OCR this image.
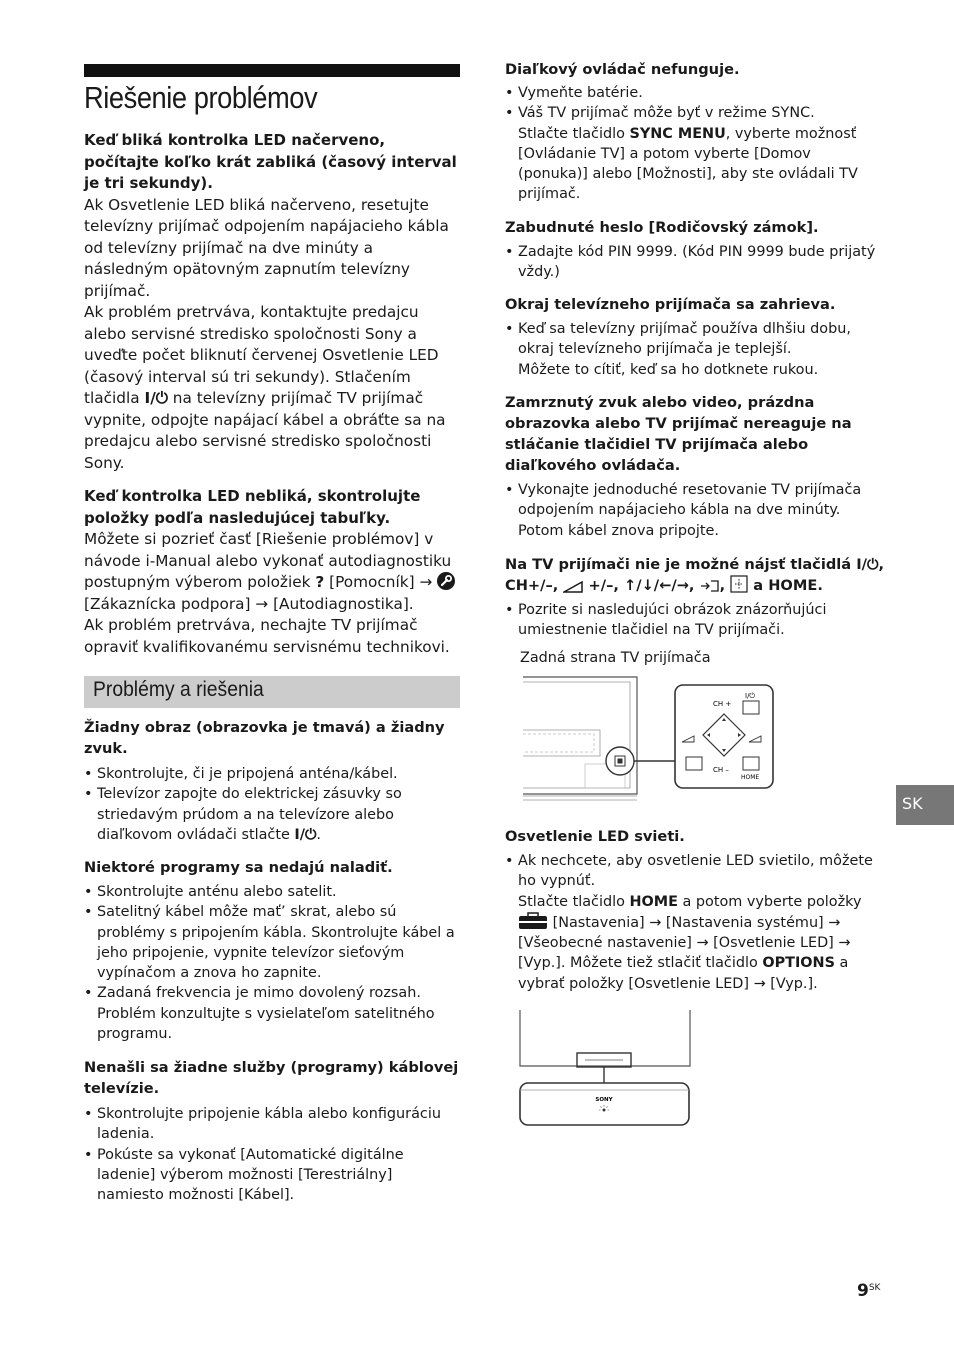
Riešenie problémov

Keď bliká kontrolka LED načerveno, počítajte koľko krát zabliká (časový interval je tri sekundy).

Ak Osvetlenie LED bliká načerveno, resetujte televízny prijímač odpojením napájacieho kábla od televízny prijímač na dve minúty a následným opätovným zapnutím televízny prijímač.

Ak problém pretrváva, kontaktujte predajcu alebo servisné stredisko spoločnosti Sony a uveďte počet bliknutí červenej Osvetlenie LED (časový interval sú tri sekundy). Stlačením tlačidla I/⏻ na televízny prijímač TV prijímač vypnite, odpojte napájací kábel a obráťte sa na predajcu alebo servisné stredisko spoločnosti Sony.

Keď kontrolka LED nebliká, skontrolujte položky podľa nasledujúcej tabuľky.

Môžete si pozrieť časť [Riešenie problémov] v návode i-Manual alebo vykonať autodiagnostiku postupným výberom položiek ? [Pomocník] →  [Zákaznícka podpora] → [Autodiagnostika].

Ak problém pretrváva, nechajte TV prijímač opraviť kvalifikovanému servisnému technikovi.

Problémy a riešenia

Žiadny obraz (obrazovka je tmavá) a žiadny zvuk.

• Skontrolujte, či je pripojená anténa/kábel.
• Televízor zapojte do elektrickej zásuvky so striedavým prúdom a na televízore alebo diaľkovom ovládači stlačte I/⏻.

Niektoré programy sa nedajú naladiť.

• Skontrolujte anténu alebo satelit.
• Satelitný kábel môže mať’ skrat, alebo sú problémy s pripojením kábla. Skontrolujte kábel a jeho pripojenie, vypnite televízor sieťovým vypínačom a znova ho zapnite.
• Zadaná frekvencia je mimo dovolený rozsah. Problém konzultujte s vysielateľom satelitného programu.

Nenašli sa žiadne služby (programy) káblovej televízie.

• Skontrolujte pripojenie kábla alebo konfiguráciu ladenia.
• Pokúste sa vykonať [Automatické digitálne ladenie] výberom možnosti [Terestriálny] namiesto možnosti [Kábel].

Diaľkový ovládač nefunguje.

• Vymeňte batérie.
• Váš TV prijímač môže byť v režime SYNC.
Stlačte tlačidlo SYNC MENU, vyberte možnosť [Ovládanie TV] a potom vyberte [Domov (ponuka)] alebo [Možnosti], aby ste ovládali TV prijímač.

Zabudnuté heslo [Rodičovský zámok].

• Zadajte kód PIN 9999. (Kód PIN 9999 bude prijatý vždy.)

Okraj televízneho prijímača sa zahrieva.

• Keď sa televízny prijímač používa dlhšiu dobu, okraj televízneho prijímača je teplejší.
Môžete to cítiť, keď sa ho dotknete rukou.

Zamrznutý zvuk alebo video, prázdna obrazovka alebo TV prijímač nereaguje na stláčanie tlačidiel TV prijímača alebo diaľkového ovládača.

• Vykonajte jednoduché resetovanie TV prijímača odpojením napájacieho kábla na dve minúty. Potom kábel znova pripojte.

Na TV prijímači nie je možné nájsť tlačidlá I/⏻,
CH+/–, +/–, ↑/↓/←/→, ,  a HOME.

• Pozrite si nasledujúci obrázok znázorňujúci umiestnenie tlačidiel na TV prijímači.
Zadná strana TV prijímača
CH +
I/⏻
CH –
HOME

Osvetlenie LED svieti.

• Ak nechcete, aby osvetlenie LED svietilo, môžete ho vypnúť.
Stlačte tlačidlo HOME a potom vyberte položky  [Nastavenia] → [Nastavenia systému] → [Všeobecné nastavenie] → [Osvetlenie LED] → [Vyp.]. Môžete tiež stlačiť tlačidlo OPTIONS a vybrať položky [Osvetlenie LED] → [Vyp.].
SONY
SK
$9^{SK}$
